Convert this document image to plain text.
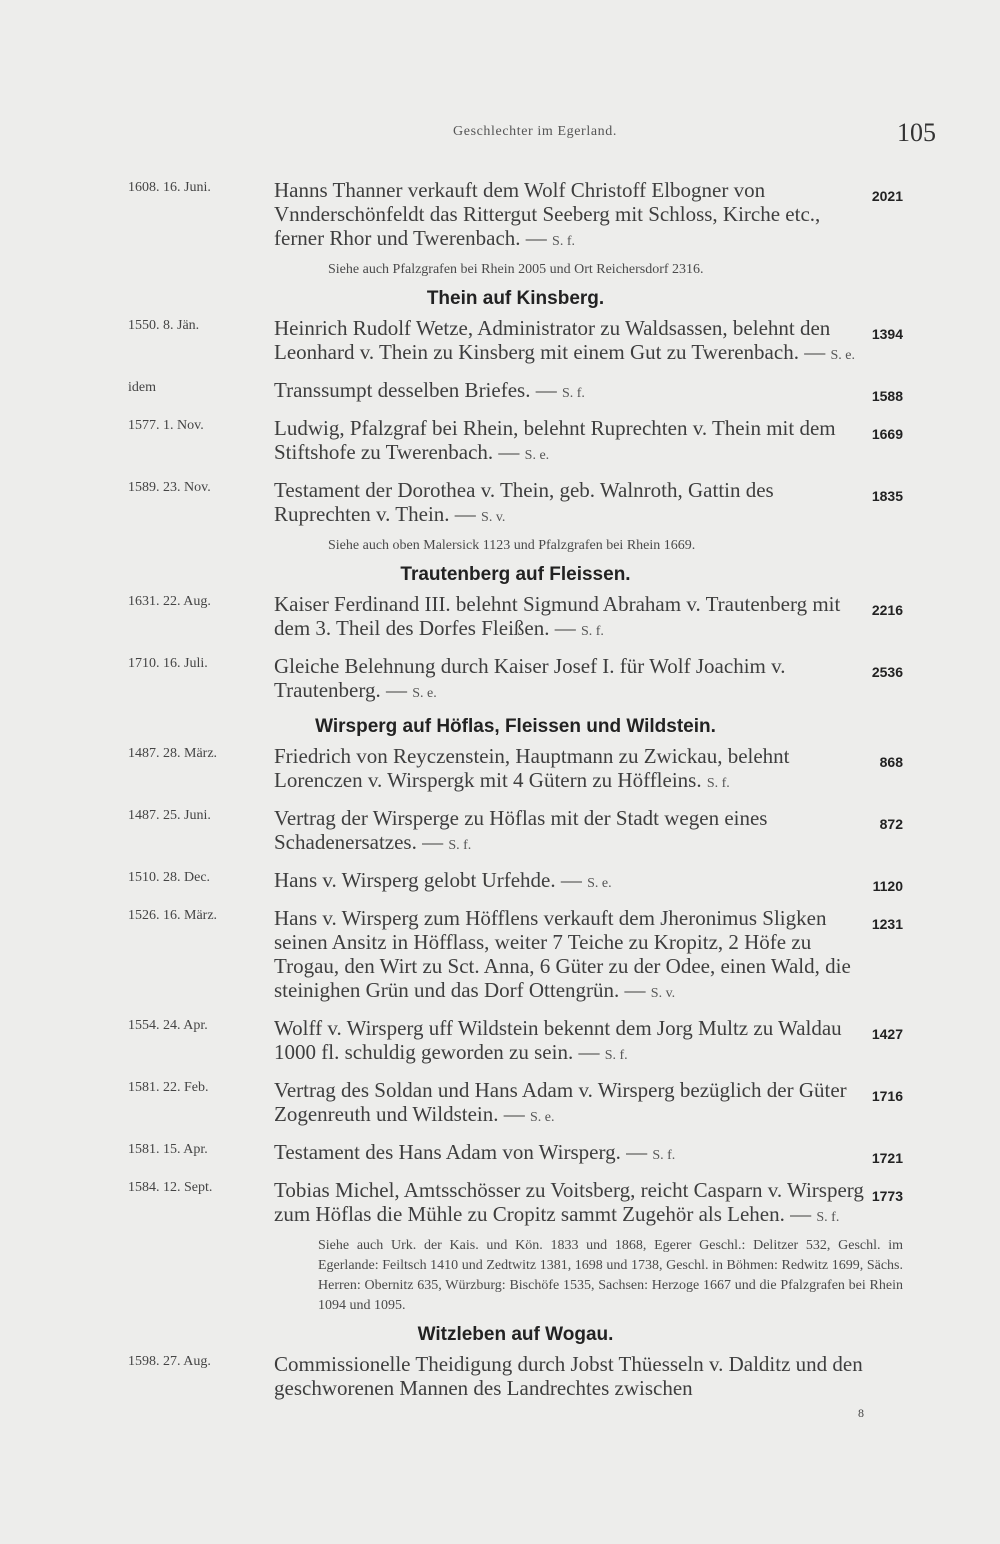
Geschlechter im Egerland.	105
1608. 16. Juni.
2021
Hanns Thanner verkauft dem Wolf Christoff Elbogner von Vnnderschönfeldt das Rittergut Seeberg mit Schloss, Kirche etc., ferner Rhor und Twerenbach. — S. f.
Siehe auch Pfalzgrafen bei Rhein 2005 und Ort Reichersdorf 2316.
Thein auf Kinsberg.
1550. 8. Jän.
1394
Heinrich Rudolf Wetze, Administrator zu Waldsassen, belehnt den Leonhard v. Thein zu Kinsberg mit einem Gut zu Twerenbach. — S. e.
idem
1588
Transsumpt desselben Briefes. — S. f.
1577. 1. Nov.
1669
Ludwig, Pfalzgraf bei Rhein, belehnt Ruprechten v. Thein mit dem Stiftshofe zu Twerenbach. — S. e.
1589. 23. Nov.
1835
Testament der Dorothea v. Thein, geb. Walnroth, Gattin des Ruprechten v. Thein. — S. v.
Siehe auch oben Malersick 1123 und Pfalzgrafen bei Rhein 1669.
Trautenberg auf Fleissen.
1631. 22. Aug.
2216
Kaiser Ferdinand III. belehnt Sigmund Abraham v. Trautenberg mit dem 3. Theil des Dorfes Fleißen. — S. f.
1710. 16. Juli.
2536
Gleiche Belehnung durch Kaiser Josef I. für Wolf Joachim v. Trautenberg. — S. e.
Wirsperg auf Höflas, Fleissen und Wildstein.
1487. 28. März.
868
Friedrich von Reyczenstein, Hauptmann zu Zwickau, belehnt Lorenczen v. Wirspergk mit 4 Gütern zu Höffleins. S. f.
1487. 25. Juni.
872
Vertrag der Wirsperge zu Höflas mit der Stadt wegen eines Schadenersatzes. — S. f.
1510. 28. Dec.
1120
Hans v. Wirsperg gelobt Urfehde. — S. e.
1526. 16. März.
1231
Hans v. Wirsperg zum Höfflens verkauft dem Jheronimus Sligken seinen Ansitz in Höfflass, weiter 7 Teiche zu Kropitz, 2 Höfe zu Trogau, den Wirt zu Sct. Anna, 6 Güter zu der Odee, einen Wald, die steinighen Grün und das Dorf Ottengrün. — S. v.
1554. 24. Apr.
1427
Wolff v. Wirsperg uff Wildstein bekennt dem Jorg Multz zu Waldau 1000 fl. schuldig geworden zu sein. — S. f.
1581. 22. Feb.
1716
Vertrag des Soldan und Hans Adam v. Wirsperg bezüglich der Güter Zogenreuth und Wildstein. — S. e.
1581. 15. Apr.
1721
Testament des Hans Adam von Wirsperg. — S. f.
1584. 12. Sept.
1773
Tobias Michel, Amtsschösser zu Voitsberg, reicht Casparn v. Wirsperg zum Höflas die Mühle zu Cropitz sammt Zugehör als Lehen. — S. f.
Siehe auch Urk. der Kais. und Kön. 1833 und 1868, Egerer Geschl.: Delitzer 532, Geschl. im Egerlande: Feiltsch 1410 und Zedtwitz 1381, 1698 und 1738, Geschl. in Böhmen: Redwitz 1699, Sächs. Herren: Obernitz 635, Würzburg: Bischöfe 1535, Sachsen: Herzoge 1667 und die Pfalzgrafen bei Rhein 1094 und 1095.
Witzleben auf Wogau.
1598. 27. Aug.	Commissionelle Theidigung durch Jobst Thüesseln v. Dalditz und den geschworenen Mannen des Landrechtes zwischen
8
